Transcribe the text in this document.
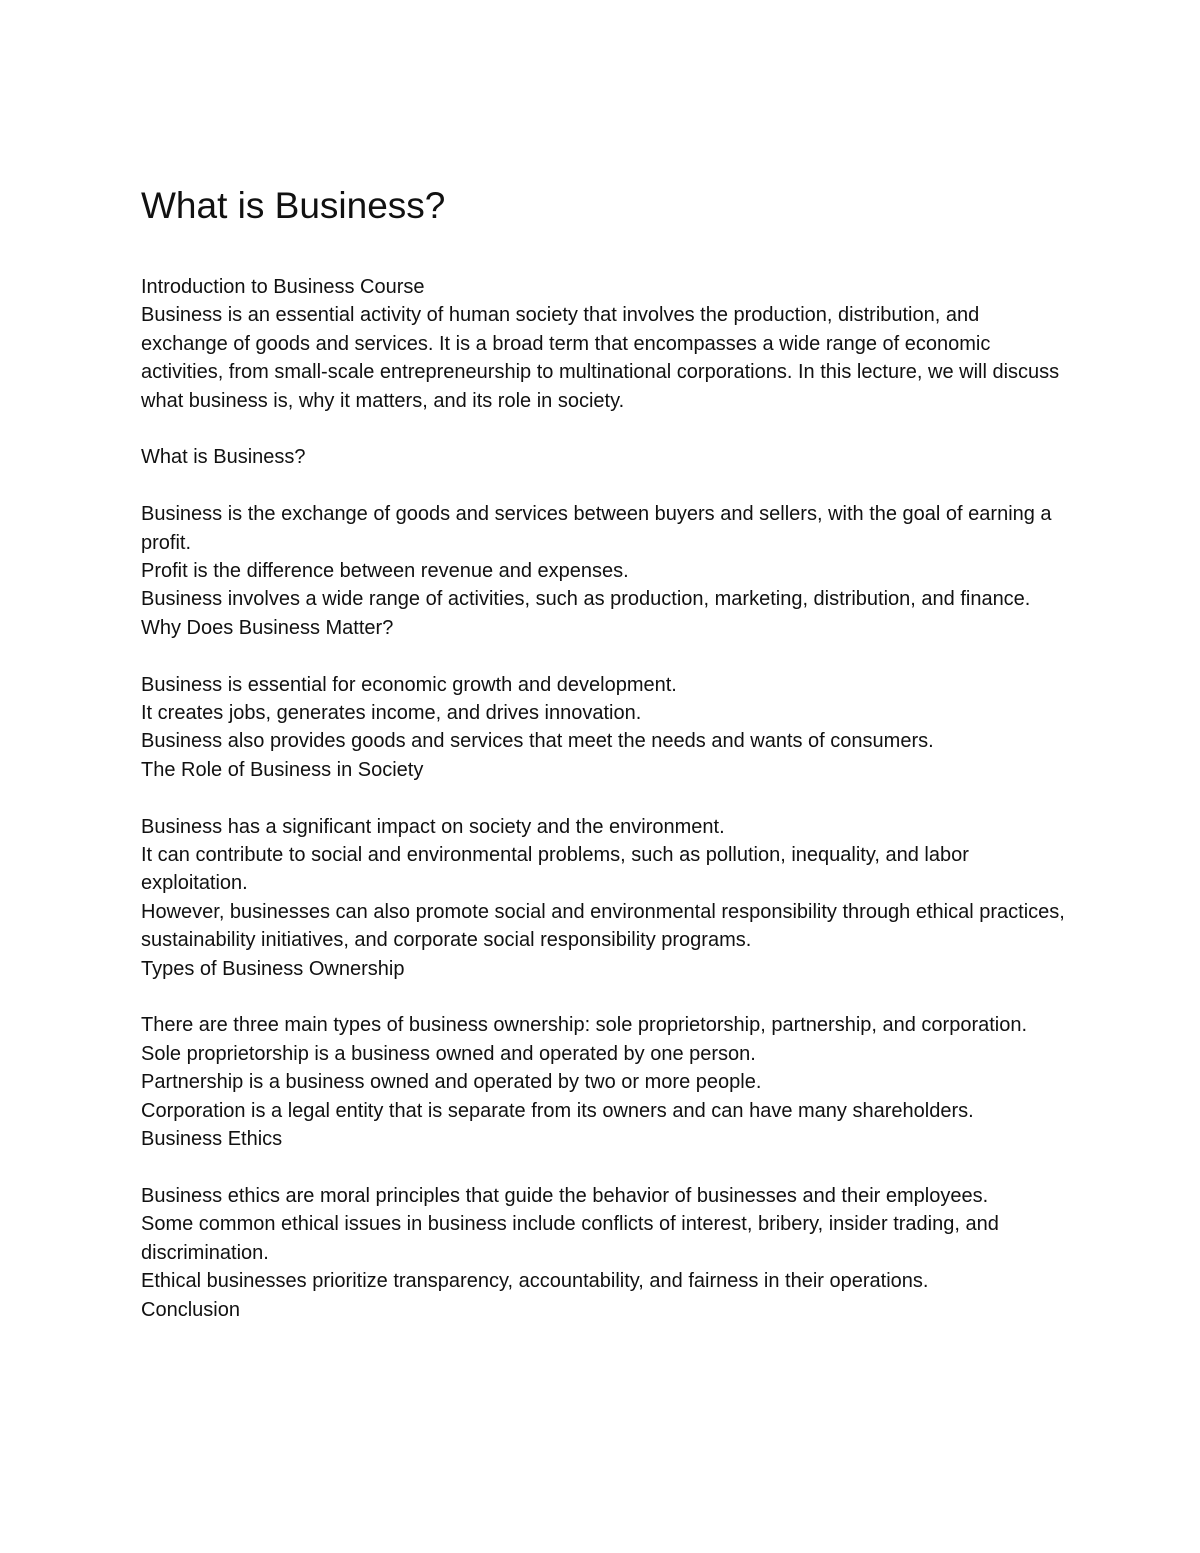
What is Business?

Introduction to Business Course

Business is an essential activity of human society that involves the production, distribution, and exchange of goods and services. It is a broad term that encompasses a wide range of economic activities, from small-scale entrepreneurship to multinational corporations. In this lecture, we will discuss what business is, why it matters, and its role in society.

What is Business?

Business is the exchange of goods and services between buyers and sellers, with the goal of earning a profit.

Profit is the difference between revenue and expenses.

Business involves a wide range of activities, such as production, marketing, distribution, and finance.

Why Does Business Matter?

Business is essential for economic growth and development.

It creates jobs, generates income, and drives innovation.

Business also provides goods and services that meet the needs and wants of consumers.

The Role of Business in Society

Business has a significant impact on society and the environment.

It can contribute to social and environmental problems, such as pollution, inequality, and labor exploitation.

However, businesses can also promote social and environmental responsibility through ethical practices, sustainability initiatives, and corporate social responsibility programs.

Types of Business Ownership

There are three main types of business ownership: sole proprietorship, partnership, and corporation.

Sole proprietorship is a business owned and operated by one person.

Partnership is a business owned and operated by two or more people.

Corporation is a legal entity that is separate from its owners and can have many shareholders.

Business Ethics

Business ethics are moral principles that guide the behavior of businesses and their employees.

Some common ethical issues in business include conflicts of interest, bribery, insider trading, and discrimination.

Ethical businesses prioritize transparency, accountability, and fairness in their operations.

Conclusion
